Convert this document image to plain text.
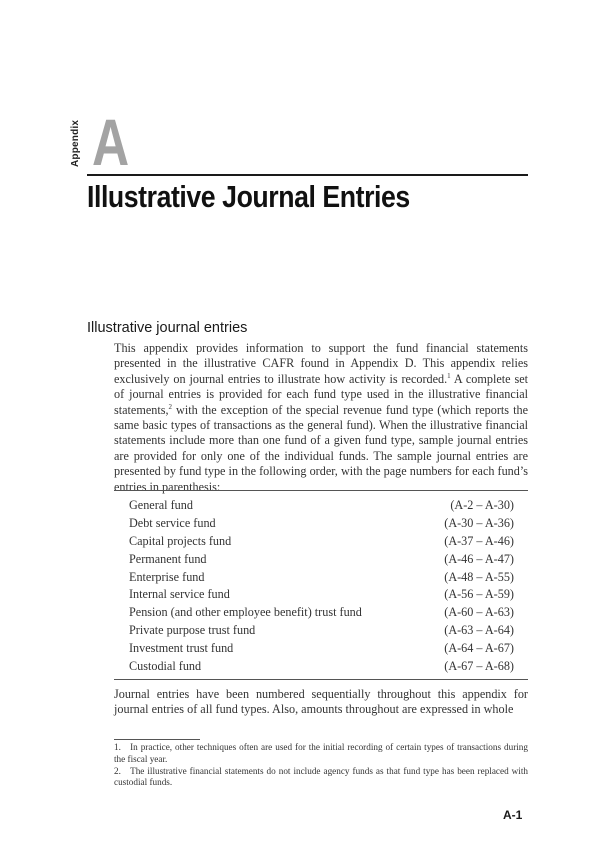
Appendix A
Illustrative Journal Entries
Illustrative journal entries

This appendix provides information to support the fund financial statements presented in the illustrative CAFR found in Appendix D. This appendix relies exclusively on journal entries to illustrate how activity is recorded.$^1$ A complete set of journal entries is provided for each fund type used in the illustrative financial statements,$^2$ with the exception of the special revenue fund type (which reports the same basic types of transactions as the general fund). When the illustrative financial statements include more than one fund of a given fund type, sample journal entries are provided for only one of the individual funds. The sample journal entries are presented by fund type in the following order, with the page numbers for each fund’s entries in parenthesis:

General fund	(A-2 – A-30)
Debt service fund	(A-30 – A-36)
Capital projects fund	(A-37 – A-46)
Permanent fund	(A-46 – A-47)
Enterprise fund	(A-48 – A-55)
Internal service fund	(A-56 – A-59)
Pension (and other employee benefit) trust fund	(A-60 – A-63)
Private purpose trust fund	(A-63 – A-64)
Investment trust fund	(A-64 – A-67)
Custodial fund	(A-67 – A-68)

Journal entries have been numbered sequentially throughout this appendix for journal entries of all fund types. Also, amounts throughout are expressed in whole

1. In practice, other techniques often are used for the initial recording of certain types of transactions during the fiscal year.

2. The illustrative financial statements do not include agency funds as that fund type has been replaced with custodial funds.

A-1
